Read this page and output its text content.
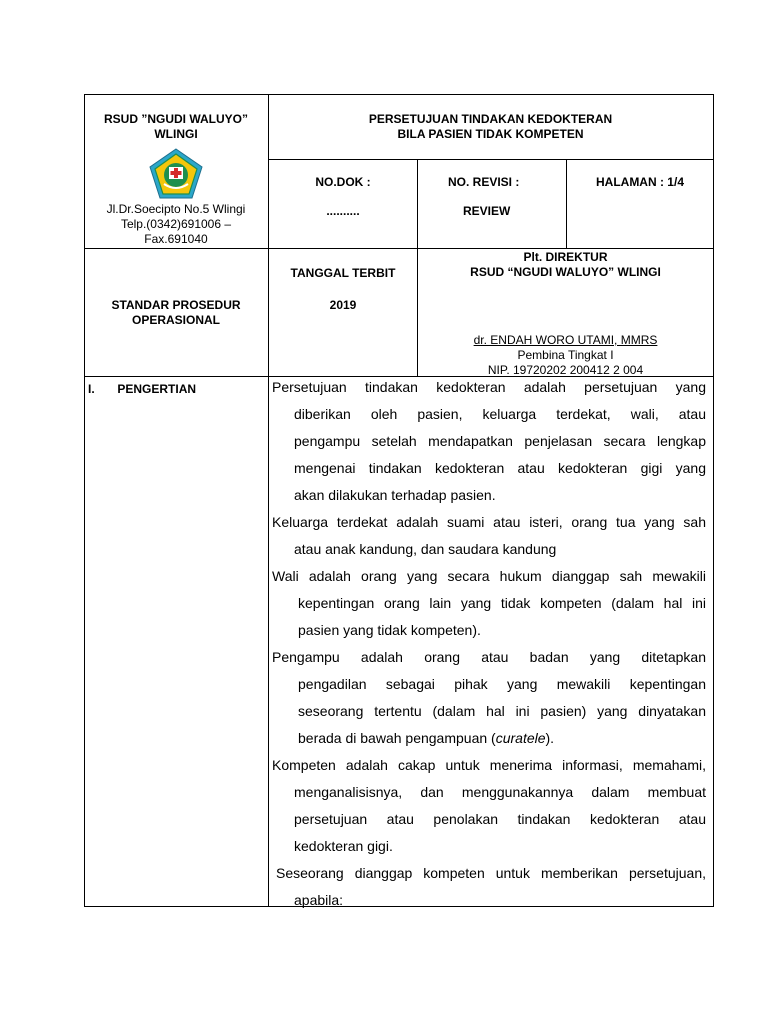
RSUD ”NGUDI WALUYO” WLINGI
Jl.Dr.Soecipto No.5 Wlingi
Telp.(0342)691006 – Fax.691040
PERSETUJUAN TINDAKAN KEDOKTERAN
BILA PASIEN TIDAK KOMPETEN
NO.DOK :
..........
NO. REVISI :
REVIEW
HALAMAN : 1/4
STANDAR PROSEDUR
OPERASIONAL
TANGGAL TERBIT
2019
Plt. DIREKTUR
RSUD “NGUDI WALUYO” WLINGI
dr. ENDAH WORO UTAMI, MMRS
Pembina Tingkat I
NIP. 19720202 200412 2 004
I. PENGERTIAN	Persetujuan tindakan kedokteran adalah persetujuan yang
diberikan oleh pasien, keluarga terdekat, wali, atau
pengampu setelah mendapatkan penjelasan secara lengkap
mengenai tindakan kedokteran atau kedokteran gigi yang
akan dilakukan terhadap pasien.
Keluarga terdekat adalah suami atau isteri, orang tua yang sah
atau anak kandung, dan saudara kandung
Wali adalah orang yang secara hukum dianggap sah mewakili
kepentingan orang lain yang tidak kompeten (dalam hal ini
pasien yang tidak kompeten).
Pengampu adalah orang atau badan yang ditetapkan
pengadilan sebagai pihak yang mewakili kepentingan
seseorang tertentu (dalam hal ini pasien) yang dinyatakan
berada di bawah pengampuan (curatele).
Kompeten adalah cakap untuk menerima informasi, memahami,
menganalisisnya, dan menggunakannya dalam membuat
persetujuan atau penolakan tindakan kedokteran atau
kedokteran gigi.
Seseorang dianggap kompeten untuk memberikan persetujuan,
apabila:
